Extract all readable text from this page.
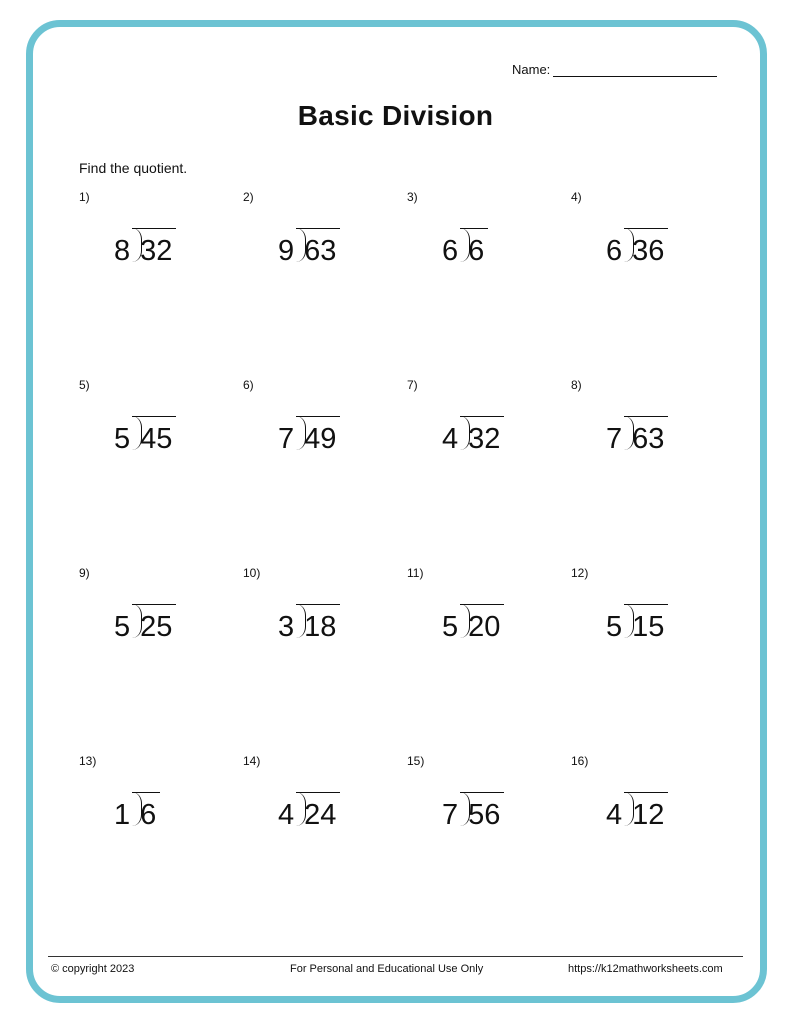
Name:
Basic Division
Find the quotient.
1)
8 32
2)
9 63
3)
6 6
4)
6 36
5)
5 45
6)
7 49
7)
4 32
8)
7 63
9)
5 25
10)
3 18
11)
5 20
12)
5 15
13)
1 6
14)
4 24
15)
7 56
16)
4 12
© copyright 2023	For Personal and Educational Use Only	https://k12mathworksheets.com
